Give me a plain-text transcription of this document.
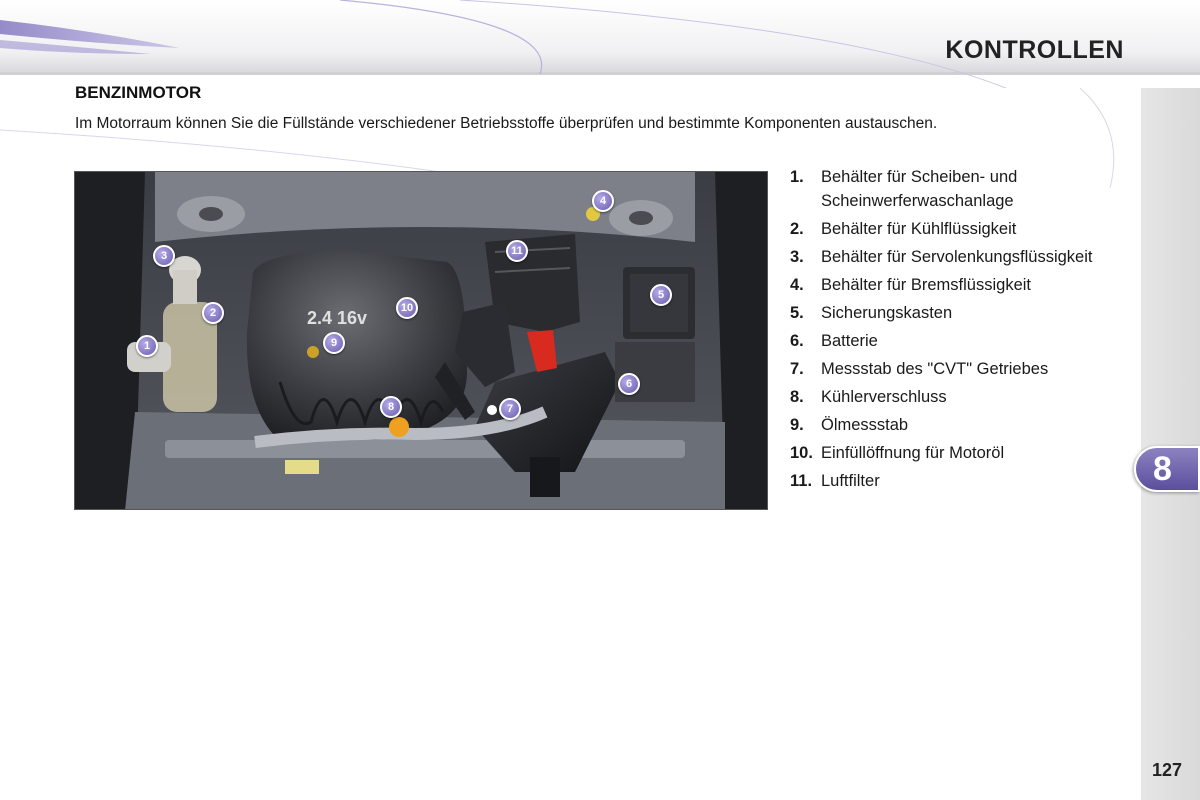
KONTROLLEN
8
127
BENZINMOTOR
Im Motorraum können Sie die Füllstände verschiedener Betriebsstoffe überprüfen und bestimmte Komponenten austauschen.
2.4 16v
1
2
3
4
5
6
7
8
9
10
11
1.	Behälter für Scheiben- und Scheinwerferwaschanlage
2.	Behälter für Kühlflüssigkeit
3.	Behälter für Servolenkungsflüssigkeit
4.	Behälter für Bremsflüssigkeit
5.	Sicherungskasten
6.	Batterie
7.	Messstab des "CVT" Getriebes
8.	Kühlerverschluss
9.	Ölmessstab
10. Einfüllöffnung für Motoröl
11. Luftfilter
